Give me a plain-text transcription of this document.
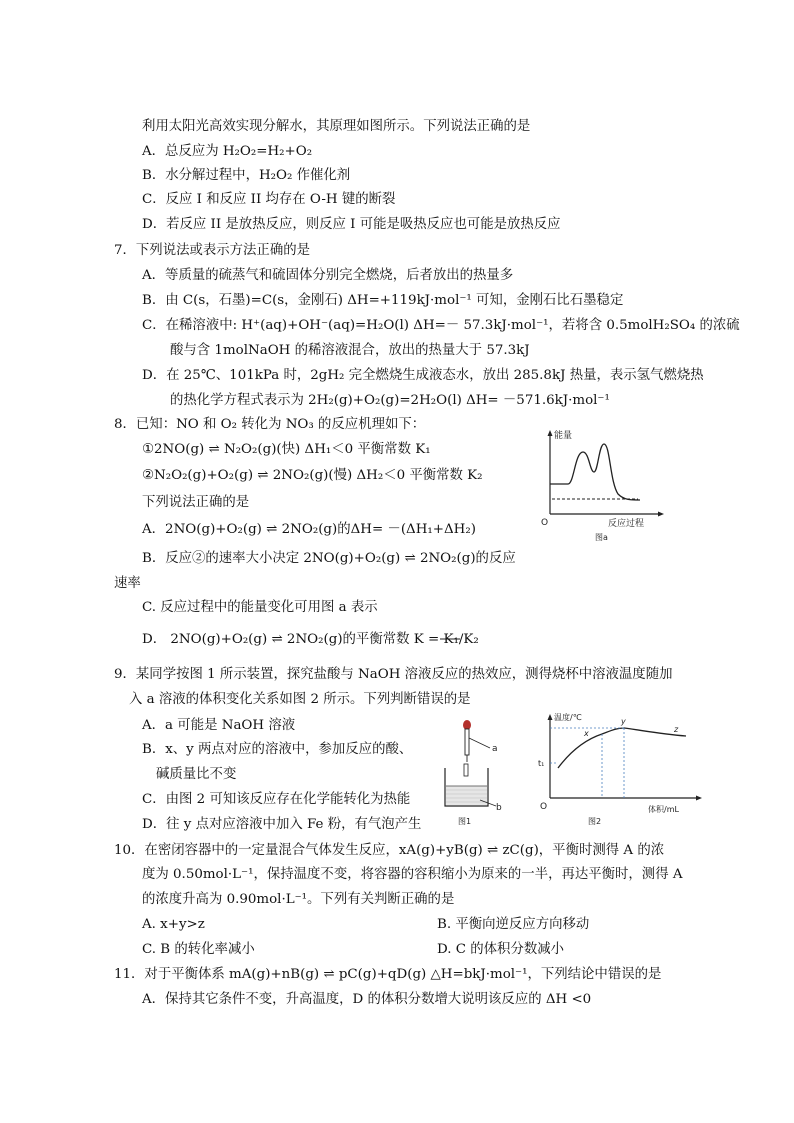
利用太阳光高效实现分解水，其原理如图所示。下列说法正确的是
A．总反应为 H₂O₂=H₂+O₂
B．水分解过程中，H₂O₂ 作催化剂
C．反应 I 和反应 II 均存在 O-H 键的断裂
D．若反应 II 是放热反应，则反应 I 可能是吸热反应也可能是放热反应
7．下列说法或表示方法正确的是
A．等质量的硫蒸气和硫固体分别完全燃烧，后者放出的热量多
B．由 C(s，石墨)=C(s，金刚石) ΔH=+119kJ·mol⁻¹ 可知，金刚石比石墨稳定
C．在稀溶液中: H⁺(aq)+OH⁻(aq)=H₂O(l) ΔH=－ 57.3kJ·mol⁻¹，若将含 0.5molH₂SO₄ 的浓硫
酸与含 1molNaOH 的稀溶液混合，放出的热量大于 57.3kJ
D．在 25℃、101kPa 时，2gH₂ 完全燃烧生成液态水，放出 285.8kJ 热量，表示氢气燃烧热
的热化学方程式表示为 2H₂(g)+O₂(g)=2H₂O(l) ΔH= －571.6kJ·mol⁻¹
8．已知：NO 和 O₂ 转化为 NO₃ 的反应机理如下：
①2NO(g) ⇌ N₂O₂(g)(快) ΔH₁＜0 平衡常数 K₁
②N₂O₂(g)+O₂(g) ⇌ 2NO₂(g)(慢) ΔH₂＜0 平衡常数 K₂
下列说法正确的是
A．2NO(g)+O₂(g) ⇌ 2NO₂(g)的ΔH= －(ΔH₁+ΔH₂)
B．反应②的速率大小决定 2NO(g)+O₂(g) ⇌ 2NO₂(g)的反应
速率
C. 反应过程中的能量变化可用图 a 表示
D． 2NO(g)+O₂(g) ⇌ 2NO₂(g)的平衡常数 K = K₁/K₂
9．某同学按图 1 所示装置，探究盐酸与 NaOH 溶液反应的热效应，测得烧杯中溶液温度随加
入 a 溶液的体积变化关系如图 2 所示。下列判断错误的是
A．a 可能是 NaOH 溶液
B．x、y 两点对应的溶液中，参加反应的酸、
碱质量比不变
C．由图 2 可知该反应存在化学能转化为热能
D．往 y 点对应溶液中加入 Fe 粉，有气泡产生
10．在密闭容器中的一定量混合气体发生反应，xA(g)+yB(g) ⇌ zC(g)，平衡时测得 A 的浓
度为 0.50mol·L⁻¹，保持温度不变，将容器的容积缩小为原来的一半，再达平衡时，测得 A
的浓度升高为 0.90mol·L⁻¹。下列有关判断正确的是
A. x+y>z	B. 平衡向逆反应方向移动
C. B 的转化率减小	D. C 的体积分数减小
11．对于平衡体系 mA(g)+nB(g) ⇌ pC(g)+qD(g) △H=bkJ·mol⁻¹，下列结论中错误的是
A．保持其它条件不变，升高温度，D 的体积分数增大说明该反应的 ΔH <0
能量
O	反应过程
图a
a
b
图1
温度/℃
O
t₁
体积/mL
x
y
z
图2
